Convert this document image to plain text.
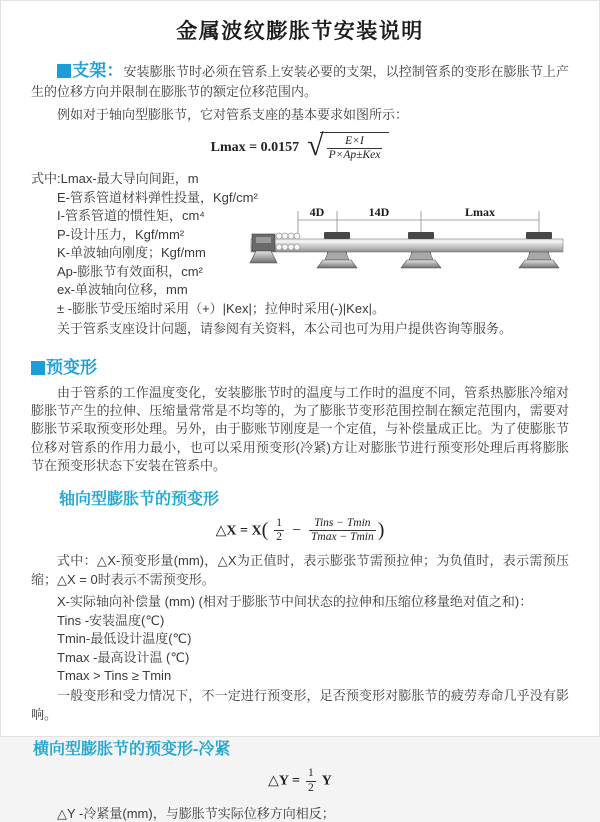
金属波纹膨胀节安装说明

支架：安装膨胀节时必须在管系上安装必要的支架，以控制管系的变形在膨胀节上产生的位移方向并限制在膨胀节的额定位移范围内。

例如对于轴向型膨胀节，它对管系支座的基本要求如图所示：

Lmax = 0.0157 √ $\frac{E\times I}{\text{P×Ap±Kex}}$
式中:Lmax-最大导向间距，m
E-管系管道材料弹性投量，Kgf/cm²
I-管系管道的惯性矩，cm⁴
P-设计压力，Kgf/mm²
K-单波轴向刚度；Kgf/mm
Ap-膨胀节有效面积，cm²
ex-单波轴向位移，mm
± -膨胀节受压缩时采用（+）|Kex|；拉伸时采用(-)|Kex|。
4D	14D	Lmax

关于管系支座设计问题，请参阅有关资料，本公司也可为用户提供咨询等服务。

预变形

由于管系的工作温度变化，安装膨胀节时的温度与工作时的温度不同，管系热膨胀冷缩对膨胀节产生的拉伸、压缩量常常是不均等的，为了膨胀节变形范围控制在额定范围内，需要对膨胀节采取预变形处理。另外，由于膨账节刚度是一个定值，与补偿量成正比。为了使膨胀节位移对管系的作用力最小，也可以采用预变形(冷紧)方让对膨胀节进行预变形处理后再将膨胀节在预变形状态下安装在管系中。

轴向型膨胀节的预变形
△X = $X( \frac{1}{2} - \frac{\text{Tins − Tmin}}{Tmax - Tmin}$ )

式中：△X-预变形量(mm)，△X为正值时，表示膨张节需预拉伸；为负值时，表示需预压缩；△X = 0时表示不需预变形。

X-实际轴向补偿量 (mm) (相对于膨胀节中间状态的拉伸和压缩位移量绝对值之和)：
Tins -安装温度(℃)
Tmin-最低设计温度(℃)
Tmax -最高设计温 (℃)
Tmax > Tins ≥ Tmin

一般变形和受力情况下，不一定进行预变形，足否预变形对膨胀节的疲劳寿命几乎没有影响。

横向型膨胀节的预变形-冷紧
△Y = $\frac{1}{2}$ Y
△Y -冷紧量(mm)，与膨胀节实际位移方向相反；
